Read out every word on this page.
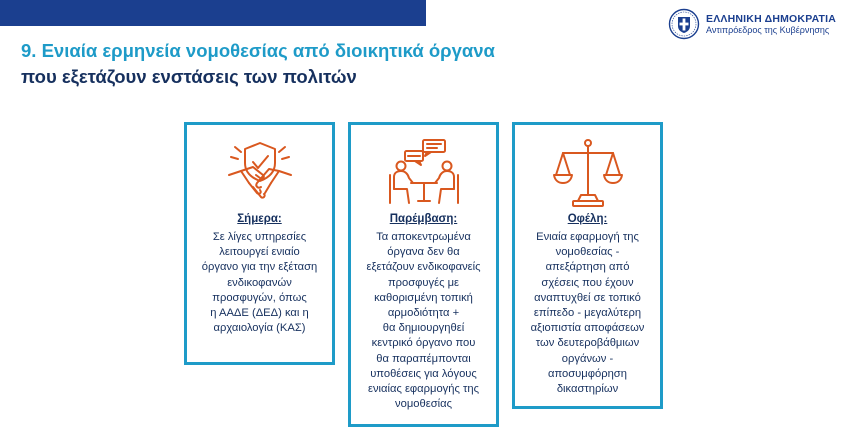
ΕΛΛΗΝΙΚΗ ΔΗΜΟΚΡΑΤΙΑ
Αντιπρόεδρος της Κυβέρνησης
9. Ενιαία ερμηνεία νομοθεσίας από διοικητικά όργανα
που εξετάζουν ενστάσεις των πολιτών
Σήμερα:
Σε λίγες υπηρεσίες
λειτουργεί ενιαίο
όργανο για την εξέταση
ενδικοφανών
προσφυγών, όπως
η ΑΑΔΕ (ΔΕΔ) και η
αρχαιολογία (ΚΑΣ)
Παρέμβαση:
Τα αποκεντρωμένα
όργανα δεν θα
εξετάζουν ενδικοφανείς
προσφυγές με
καθορισμένη τοπική
αρμοδιότητα +
θα δημιουργηθεί
κεντρικό όργανο που
θα παραπέμπονται
υποθέσεις για λόγους
ενιαίας εφαρμογής της
νομοθεσίας
Οφέλη:
Ενιαία εφαρμογή της
νομοθεσίας -
απεξάρτηση από
σχέσεις που έχουν
αναπτυχθεί σε τοπικό
επίπεδο - μεγαλύτερη
αξιοπιστία αποφάσεων
των δευτεροβάθμιων
οργάνων -
αποσυμφόρηση
δικαστηρίων
